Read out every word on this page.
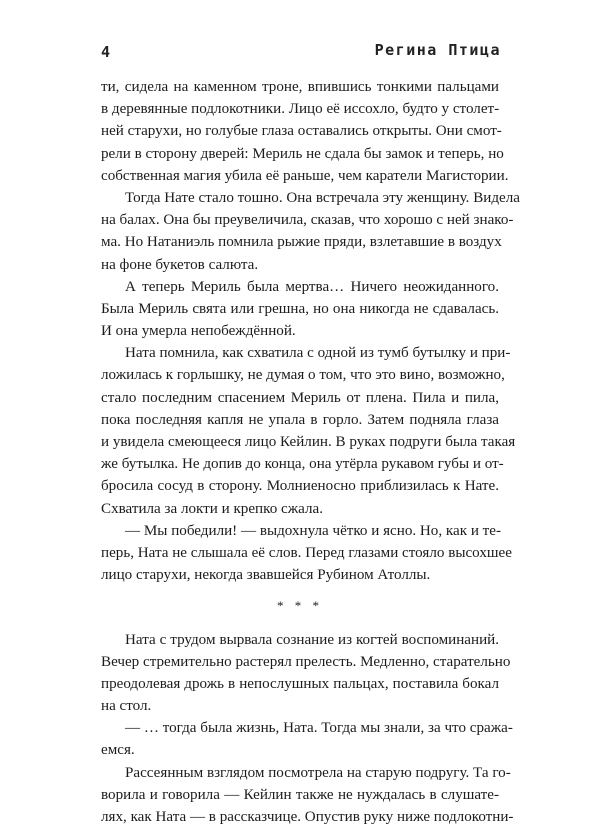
4	Регина Птица
ти, сидела на каменном троне, впившись тонкими пальцами
в деревянные подлокотники. Лицо её иссохло, будто у столет-
ней старухи, но голубые глаза оставались открыты. Они смот-
рели в сторону дверей: Мериль не сдала бы замок и теперь, но
собственная магия убила её раньше, чем каратели Магистории.
Тогда Нате стало тошно. Она встречала эту женщину. Видела
на балах. Она бы преувеличила, сказав, что хорошо с ней знако-
ма. Но Натаниэль помнила рыжие пряди, взлетавшие в воздух
на фоне букетов салюта.
А теперь Мериль была мертва… Ничего неожиданного.
Была Мериль свята или грешна, но она никогда не сдавалась.
И она умерла непобеждённой.
Ната помнила, как схватила с одной из тумб бутылку и при-
ложилась к горлышку, не думая о том, что это вино, возможно,
стало последним спасением Мериль от плена. Пила и пила,
пока последняя капля не упала в горло. Затем подняла глаза
и увидела смеющееся лицо Кейлин. В руках подруги была такая
же бутылка. Не допив до конца, она утёрла рукавом губы и от-
бросила сосуд в сторону. Молниеносно приблизилась к Нате.
Схватила за локти и крепко сжала.
— Мы победили! — выдохнула чётко и ясно. Но, как и те-
перь, Ната не слышала её слов. Перед глазами стояло высохшее
лицо старухи, некогда звавшейся Рубином Атоллы.
* * *
Ната с трудом вырвала сознание из когтей воспоминаний.
Вечер стремительно растерял прелесть. Медленно, старательно
преодолевая дрожь в непослушных пальцах, поставила бокал
на стол.
— … тогда была жизнь, Ната. Тогда мы знали, за что сража-
емся.
Рассеянным взглядом посмотрела на старую подругу. Та го-
ворила и говорила — Кейлин также не нуждалась в слушате-
лях, как Ната — в рассказчице. Опустив руку ниже подлокотни-
